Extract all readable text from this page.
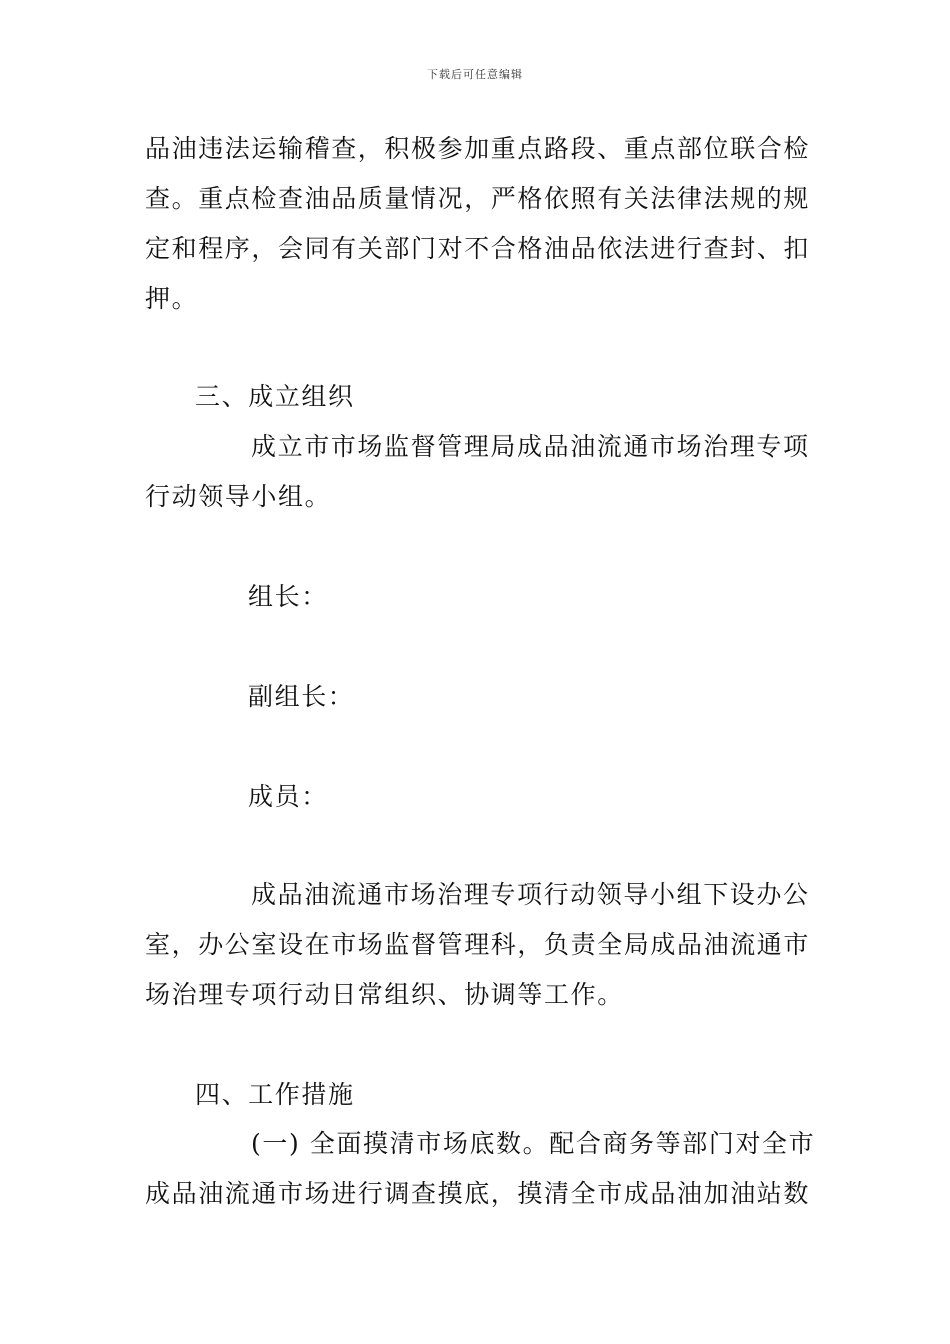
下载后可任意编辑
品油违法运输稽查，积极参加重点路段、重点部位联合检
查。重点检查油品质量情况，严格依照有关法律法规的规
定和程序，会同有关部门对不合格油品依法进行查封、扣
押。
三、成立组织
成立市市场监督管理局成品油流通市场治理专项
行动领导小组。
组长：
副组长：
成员：
成品油流通市场治理专项行动领导小组下设办公
室，办公室设在市场监督管理科，负责全局成品油流通市
场治理专项行动日常组织、协调等工作。
四、工作措施
(一) 全面摸清市场底数。配合商务等部门对全市
成品油流通市场进行调查摸底，摸清全市成品油加油站数
